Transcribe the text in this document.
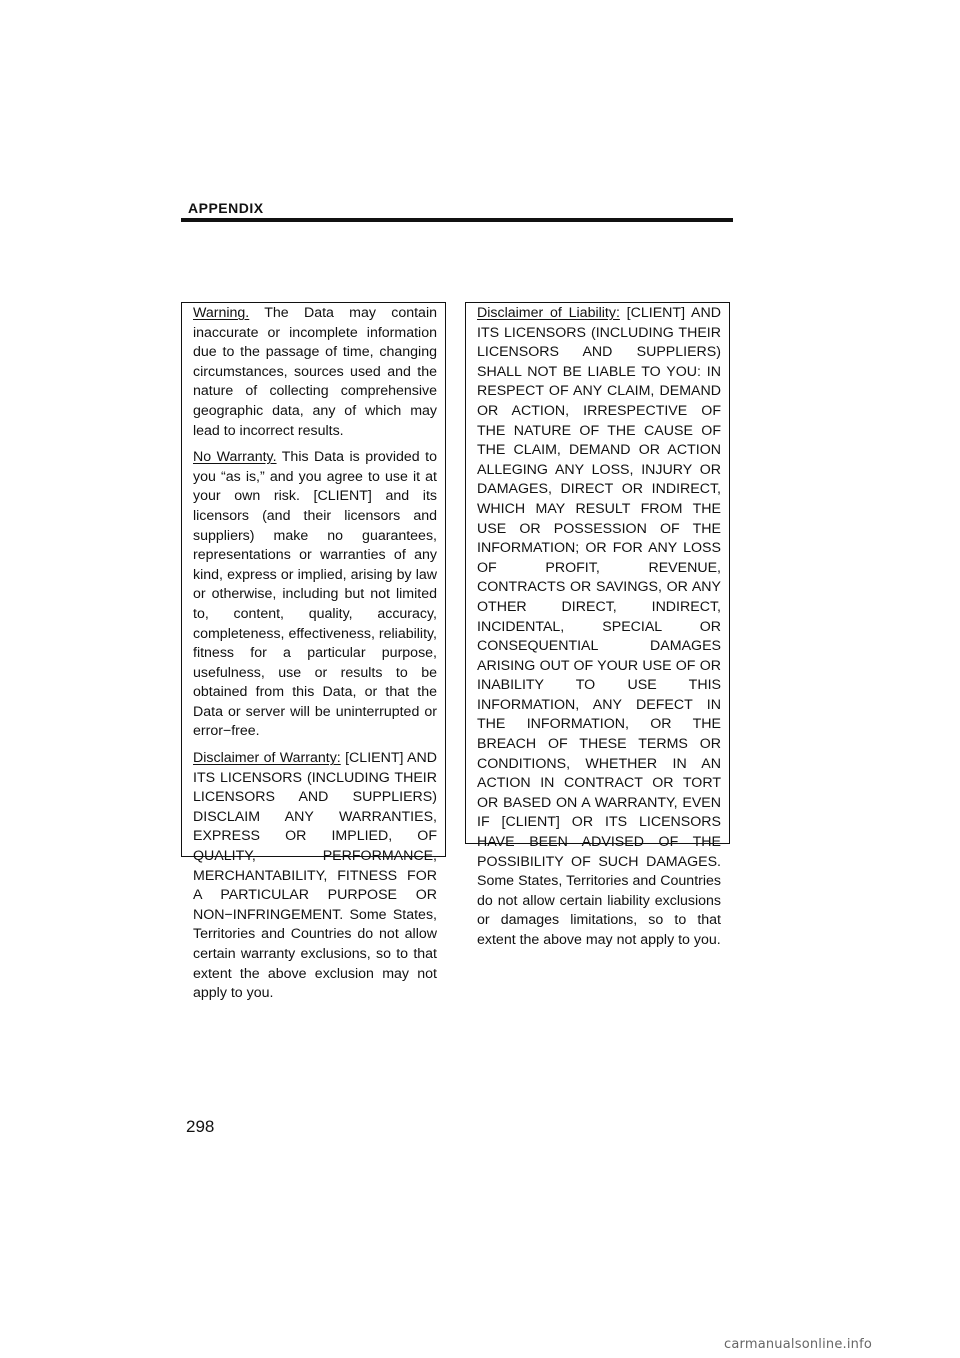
APPENDIX

Warning. The Data may contain inaccurate or incomplete information due to the passage of time, changing circumstances, sources used and the nature of collecting comprehensive geographic data, any of which may lead to incorrect results.

No Warranty. This Data is provided to you “as is,” and you agree to use it at your own risk. [CLIENT] and its licensors (and their licensors and suppliers) make no guarantees, representations or warranties of any kind, express or implied, arising by law or otherwise, including but not limited to, content, quality, accuracy, completeness, effectiveness, reliability, fitness for a particular purpose, usefulness, use or results to be obtained from this Data, or that the Data or server will be uninterrupted or error−free.

Disclaimer of Warranty: [CLIENT] AND ITS LICENSORS (INCLUDING THEIR LICENSORS AND SUPPLIERS) DISCLAIM ANY WARRANTIES, EXPRESS OR IMPLIED, OF QUALITY, PERFORMANCE, MERCHANTABILITY, FITNESS FOR A PARTICULAR PURPOSE OR NON−INFRINGEMENT. Some States, Territories and Countries do not allow certain warranty exclusions, so to that extent the above exclusion may not apply to you.

Disclaimer of Liability: [CLIENT] AND ITS LICENSORS (INCLUDING THEIR LICENSORS AND SUPPLIERS) SHALL NOT BE LIABLE TO YOU: IN RESPECT OF ANY CLAIM, DEMAND OR ACTION, IRRESPECTIVE OF THE NATURE OF THE CAUSE OF THE CLAIM, DEMAND OR ACTION ALLEGING ANY LOSS, INJURY OR DAMAGES, DIRECT OR INDIRECT, WHICH MAY RESULT FROM THE USE OR POSSESSION OF THE INFORMATION; OR FOR ANY LOSS OF PROFIT, REVENUE, CONTRACTS OR SAVINGS, OR ANY OTHER DIRECT, INDIRECT, INCIDENTAL, SPECIAL OR CONSEQUENTIAL DAMAGES ARISING OUT OF YOUR USE OF OR INABILITY TO USE THIS INFORMATION, ANY DEFECT IN THE INFORMATION, OR THE BREACH OF THESE TERMS OR CONDITIONS, WHETHER IN AN ACTION IN CONTRACT OR TORT OR BASED ON A WARRANTY, EVEN IF [CLIENT] OR ITS LICENSORS HAVE BEEN ADVISED OF THE POSSIBILITY OF SUCH DAMAGES. Some States, Territories and Countries do not allow certain liability exclusions or damages limitations, so to that extent the above may not apply to you.

298
carmanualsonline.info
